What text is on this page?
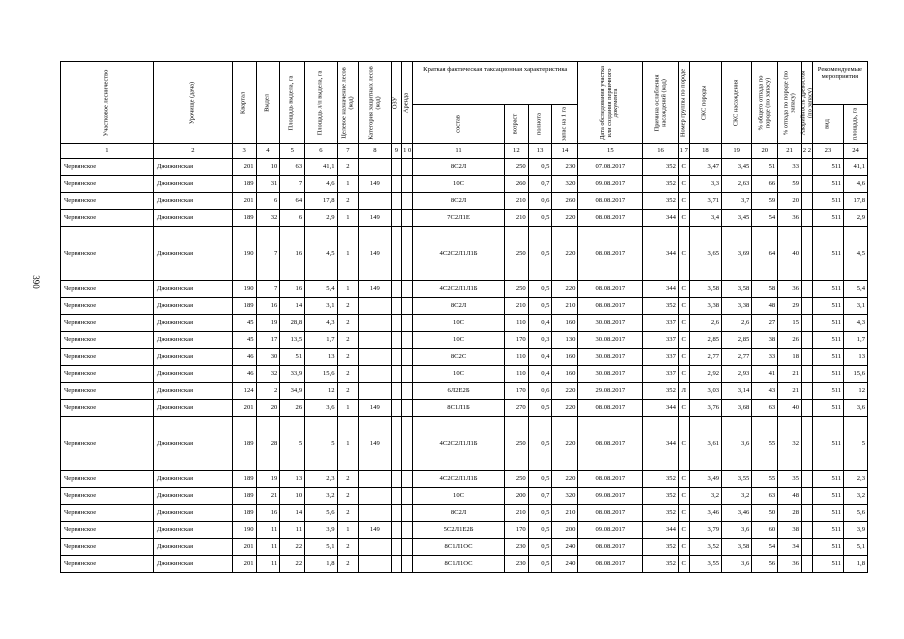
390
Участковое лесничество	Урочище (дача)	Квартал	Выдел	Площадь выдела, га	Площадь л/п выдела, га	Целевое назначение лесов (код)	Категория защитных лесов (код)	ОЗУ	Аренда	Краткая фактическая таксационная характеристика				Дата обследования участка или создания первичного документа	Причина ослабления насаждений (код)	Номер группы по породе	СКС породы	СКС насаждения	% общего отпада по породе (по запасу)	% отпада по породе (по запасу)	Аварийность древостоя (по запасу)	Рекомендуемые мероприятия	

										состав	возраст	полнота	запас на 1 га									вид	площадь, га

1	2	3	4	5	6	7	8	9	1 0	11	12	13	14	15	16	1 7	18	19	20	21	2 2	23	24
Червянское	Джижинская	201	10	63	41,1	2				8С2Л	250	0,5	230	07.08.2017	352	С	3,47	3,45	51	33		511	41,1
Червянское	Джижинская	189	31	7	4,6	1	149			10С	260	0,7	320	09.08.2017	352	С	3,3	2,63	66	59		511	4,6
Червянское	Джижинская	201	6	64	17,8	2				8С2Л	210	0,6	260	08.08.2017	352	С	3,71	3,7	59	20		511	17,8
Червянское	Джижинская	189	32	6	2,9	1	149			7С2Л1Е	210	0,5	220	08.08.2017	344	С	3,4	3,45	54	36		511	2,9
Червянское	Джижинская	190	7	16	4,5	1	149			4С2С2Л1Л1Б	250	0,5	220	08.08.2017	344	С	3,65	3,69	64	40		511	4,5
Червянское	Джижинская	190	7	16	5,4	1	149			4С2С2Л1Л1Б	250	0,5	220	08.08.2017	344	С	3,58	3,58	58	36		511	5,4
Червянское	Джижинская	189	16	14	3,1	2				8С2Л	210	0,5	210	08.08.2017	352	С	3,38	3,38	48	29		511	3,1
Червянское	Джижинская	45	19	28,8	4,3	2				10С	110	0,4	160	30.08.2017	337	С	2,6	2,6	27	15		511	4,3
Червянское	Джижинская	45	17	13,5	1,7	2				10С	170	0,3	130	30.08.2017	337	С	2,85	2,85	38	26		511	1,7
Червянское	Джижинская	46	30	51	13	2				8С2С	110	0,4	160	30.08.2017	337	С	2,77	2,77	33	18		511	13
Червянское	Джижинская	46	32	33,9	15,6	2				10С	110	0,4	160	30.08.2017	337	С	2,92	2,93	41	21		511	15,6
Червянское	Джижинская	124	2	34,9	12	2				6Л2Е2Б	170	0,6	220	29.08.2017	352	Л	3,03	3,14	43	21		511	12
Червянское	Джижинская	201	20	26	3,6	1	149			8С1Л1Б	270	0,5	220	08.08.2017	344	С	3,76	3,68	63	40		511	3,6
Червянское	Джижинская	189	28	5	5	1	149			4С2С2Л1Л1Б	250	0,5	220	08.08.2017	344	С	3,61	3,6	55	32		511	5
Червянское	Джижинская	189	19	13	2,3	2				4С2С2Л1Л1Б	250	0,5	220	08.08.2017	352	С	3,49	3,55	55	35		511	2,3
Червянское	Джижинская	189	21	10	3,2	2				10С	200	0,7	320	09.08.2017	352	С	3,2	3,2	63	48		511	3,2
Червянское	Джижинская	189	16	14	5,6	2				8С2Л	210	0,5	210	08.08.2017	352	С	3,46	3,46	50	28		511	5,6
Червянское	Джижинская	190	11	11	3,9	1	149			5С2Л1Е2Б	170	0,5	200	09.08.2017	344	С	3,79	3,6	60	38		511	3,9
Червянское	Джижинская	201	11	22	5,1	2				8С1Л1ОС	230	0,5	240	08.08.2017	352	С	3,52	3,58	54	34		511	5,1
Червянское	Джижинская	201	11	22	1,8	2				8С1Л1ОС	230	0,5	240	08.08.2017	352	С	3,55	3,6	56	36		511	1,8
